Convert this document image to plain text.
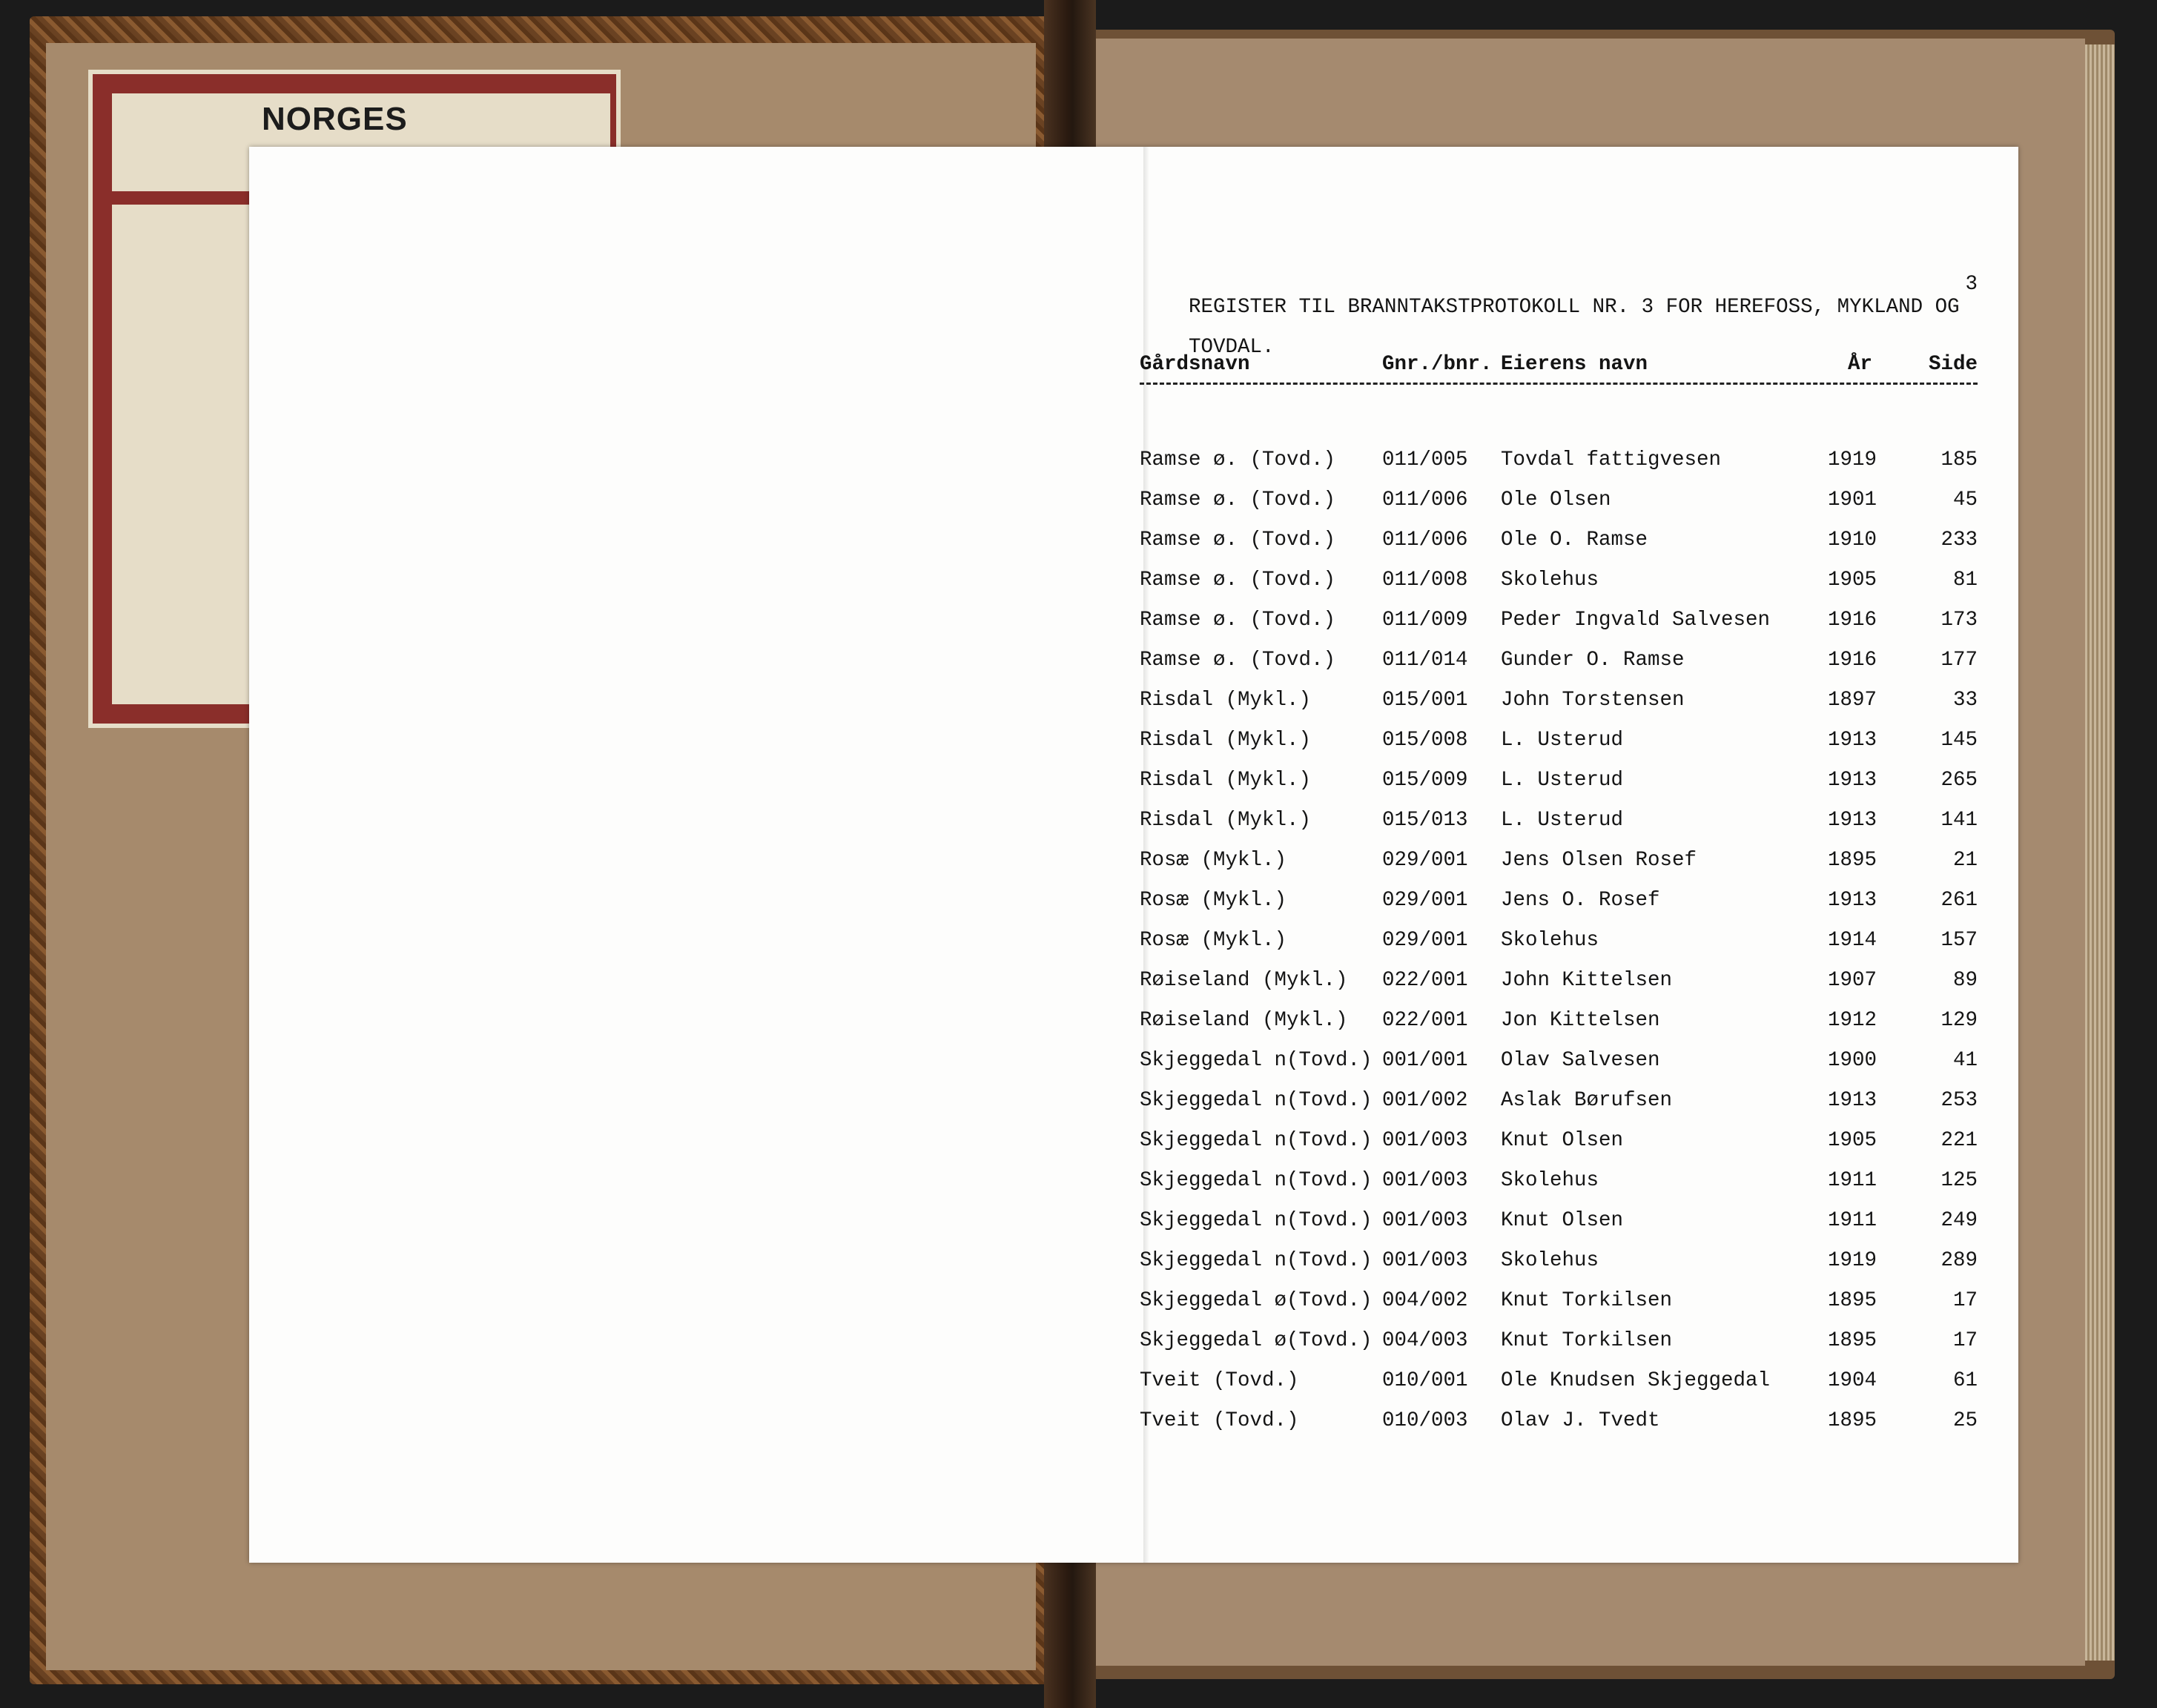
NORGES

REGISTER TIL BRANNTAKSTPROTOKOLL NR. 3 FOR HEREFOSS, MYKLAND OG

3

TOVDAL.

Gårdsnavn	Gnr./bnr. Eierens navn	År	Side
Ramse ø. (Tovd.) 011/005 Tovdal fattigvesen	1919	185
Ramse ø. (Tovd.) 011/006 Ole Olsen	1901	45
Ramse ø. (Tovd.) 011/006 Ole O. Ramse	1910	233
Ramse ø. (Tovd.) 011/008 Skolehus	1905	81
Ramse ø. (Tovd.) 011/009 Peder Ingvald Salvesen	1916	173
Ramse ø. (Tovd.) 011/014 Gunder O. Ramse	1916	177
Risdal (Mykl.)	015/001 John Torstensen	1897	33
Risdal (Mykl.)	015/008 L. Usterud	1913	145
Risdal (Mykl.)	015/009 L. Usterud	1913	265
Risdal (Mykl.)	015/013 L. Usterud	1913	141
Rosæ (Mykl.)	029/001 Jens Olsen Rosef	1895	21
Rosæ (Mykl.)	029/001 Jens O. Rosef	1913	261
Rosæ (Mykl.)	029/001 Skolehus	1914	157
Røiseland (Mykl.) 022/001 John Kittelsen	1907	89
Røiseland (Mykl.) 022/001 Jon Kittelsen	1912	129
Skjeggedal n(Tovd.) 001/001 Olav Salvesen	1900	41
Skjeggedal n(Tovd.) 001/002 Aslak Børufsen	1913	253
Skjeggedal n(Tovd.) 001/003 Knut Olsen	1905	221
Skjeggedal n(Tovd.) 001/003 Skolehus	1911	125
Skjeggedal n(Tovd.) 001/003 Knut Olsen	1911	249
Skjeggedal n(Tovd.) 001/003 Skolehus	1919	289
Skjeggedal ø(Tovd.) 004/002 Knut Torkilsen	1895	17
Skjeggedal ø(Tovd.) 004/003 Knut Torkilsen	1895	17
Tveit (Tovd.)	010/001 Ole Knudsen Skjeggedal	1904	61
Tveit (Tovd.)	010/003 Olav J. Tvedt	1895	25
